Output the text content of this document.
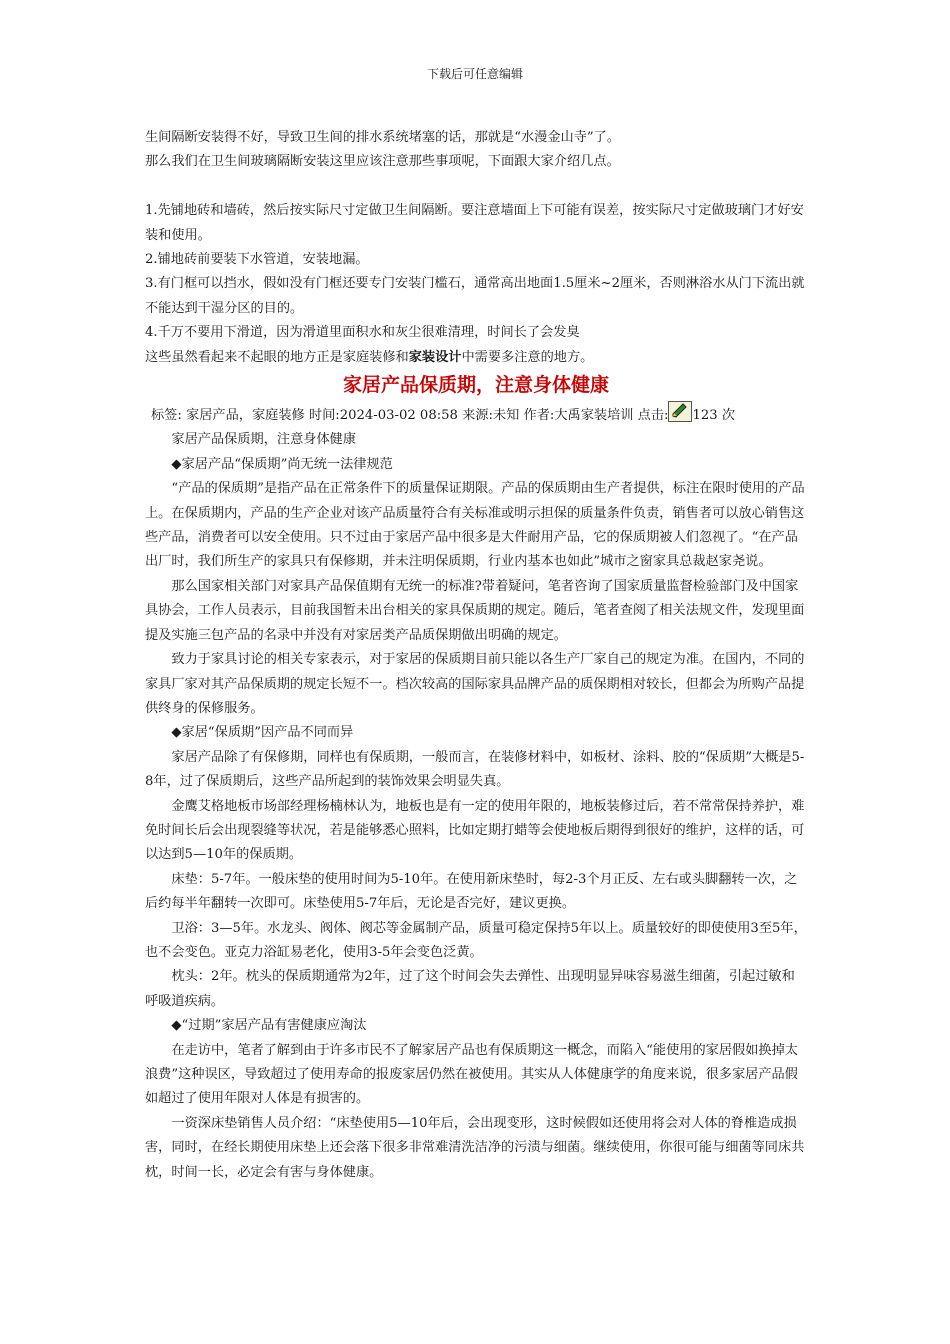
下载后可任意编辑

生间隔断安装得不好，导致卫生间的排水系统堵塞的话，那就是“水漫金山寺”了。

那么我们在卫生间玻璃隔断安装这里应该注意那些事项呢，下面跟大家介绍几点。

1.先铺地砖和墙砖，然后按实际尺寸定做卫生间隔断。要注意墙面上下可能有误差，按实际尺寸定做玻璃门才好安装和使用。

2.铺地砖前要装下水管道，安装地漏。

3.有门框可以挡水，假如没有门框还要专门安装门槛石，通常高出地面1.5厘米~2厘米，否则淋浴水从门下流出就不能达到干湿分区的目的。

4.千万不要用下滑道，因为滑道里面积水和灰尘很难清理，时间长了会发臭

这些虽然看起来不起眼的地方正是家庭装修和家装设计中需要多注意的地方。

家居产品保质期，注意身体健康

标签: 家居产品，家庭装修 时间:2024-03-02 08:58 来源:未知 作者:大禹家装培训 点击: 123 次

家居产品保质期，注意身体健康

◆家居产品“保质期”尚无统一法律规范

“产品的保质期”是指产品在正常条件下的质量保证期限。产品的保质期由生产者提供，标注在限时使用的产品上。在保质期内，产品的生产企业对该产品质量符合有关标准或明示担保的质量条件负责，销售者可以放心销售这些产品，消费者可以安全使用。只不过由于家居产品中很多是大件耐用产品，它的保质期被人们忽视了。“在产品出厂时，我们所生产的家具只有保修期，并未注明保质期，行业内基本也如此”城市之窗家具总裁赵家尧说。

那么国家相关部门对家具产品保值期有无统一的标准?带着疑问，笔者咨询了国家质量监督检验部门及中国家具协会，工作人员表示，目前我国暂未出台相关的家具保质期的规定。随后，笔者查阅了相关法规文件，发现里面提及实施三包产品的名录中并没有对家居类产品质保期做出明确的规定。

致力于家具讨论的相关专家表示，对于家居的保质期目前只能以各生产厂家自己的规定为准。在国内，不同的家具厂家对其产品保质期的规定长短不一。档次较高的国际家具品牌产品的质保期相对较长，但都会为所购产品提供终身的保修服务。

◆家居“保质期”因产品不同而异

家居产品除了有保修期，同样也有保质期，一般而言，在装修材料中，如板材、涂料、胶的“保质期”大概是5-8年，过了保质期后，这些产品所起到的装饰效果会明显失真。

金鹰艾格地板市场部经理杨楠林认为，地板也是有一定的使用年限的，地板装修过后，若不常常保持养护，难免时间长后会出现裂缝等状况，若是能够悉心照料，比如定期打蜡等会使地板后期得到很好的维护，这样的话，可以达到5—10年的保质期。

床垫：5-7年。一般床垫的使用时间为5-10年。在使用新床垫时，每2-3个月正反、左右或头脚翻转一次，之后约每半年翻转一次即可。床垫使用5-7年后，无论是否完好，建议更换。

卫浴：3—5年。水龙头、阀体、阀芯等金属制产品，质量可稳定保持5年以上。质量较好的即使使用3至5年，也不会变色。亚克力浴缸易老化，使用3-5年会变色泛黄。

枕头：2年。枕头的保质期通常为2年，过了这个时间会失去弹性、出现明显异味容易滋生细菌，引起过敏和呼吸道疾病。

◆“过期”家居产品有害健康应淘汰

在走访中，笔者了解到由于许多市民不了解家居产品也有保质期这一概念，而陷入“能使用的家居假如换掉太浪费”这种误区，导致超过了使用寿命的报废家居仍然在被使用。其实从人体健康学的角度来说，很多家居产品假如超过了使用年限对人体是有损害的。

一资深床垫销售人员介绍：“床垫使用5—10年后，会出现变形，这时候假如还使用将会对人体的脊椎造成损害，同时，在经长期使用床垫上还会落下很多非常难清洗洁净的污渍与细菌。继续使用，你很可能与细菌等同床共枕，时间一长，必定会有害与身体健康。
